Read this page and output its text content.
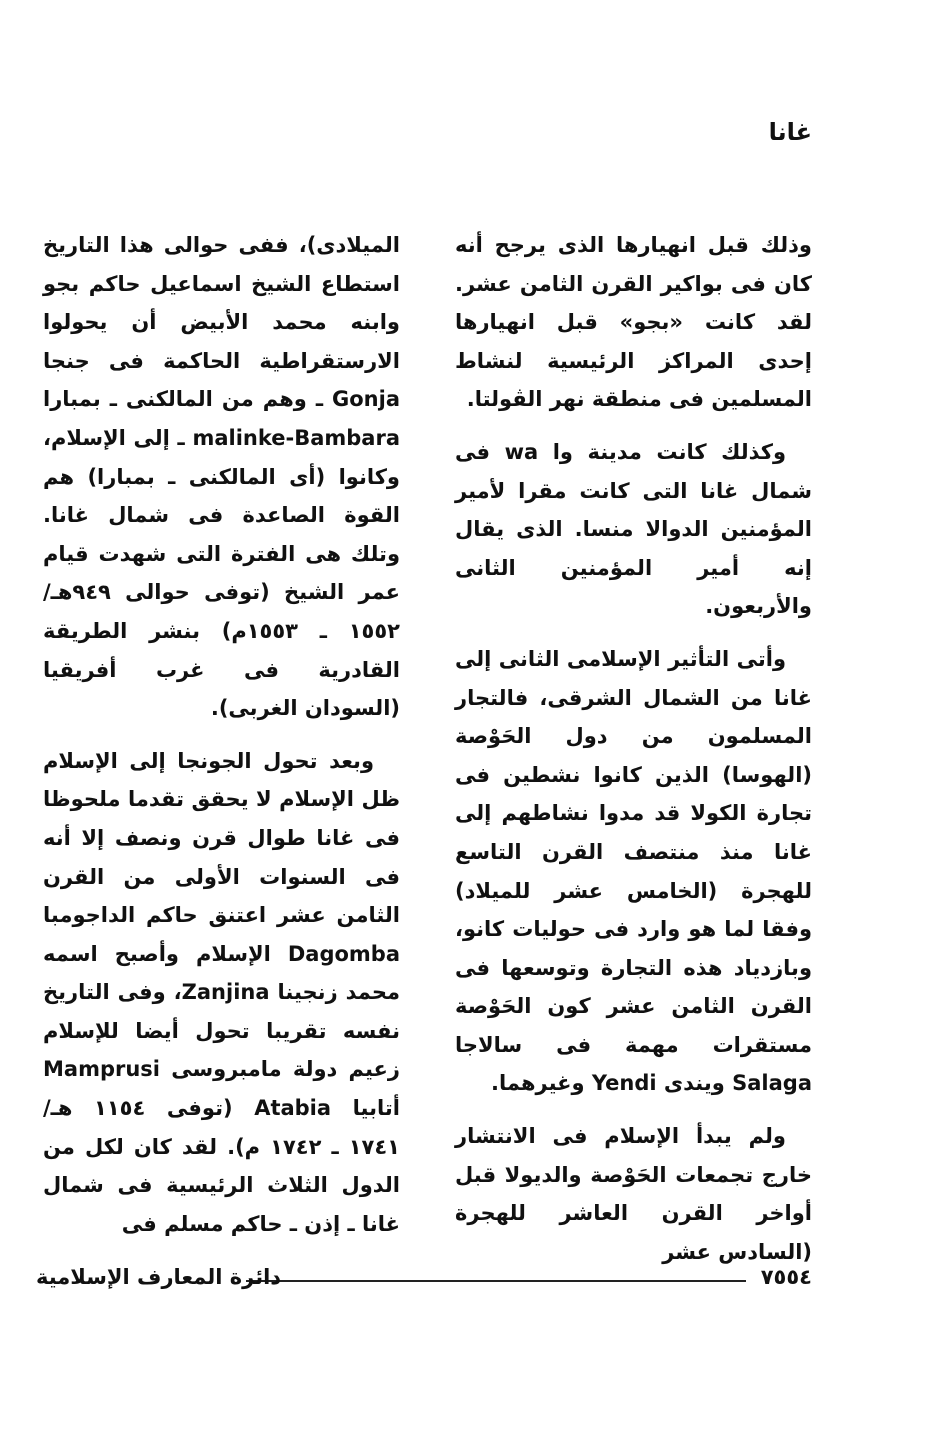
غانا

وذلك قبل انهيارها الذى يرجح أنه كان فى بواكير القرن الثامن عشر. لقد كانت «بجو» قبل انهيارها إحدى المراكز الرئيسية لنشاط المسلمين فى منطقة نهر الڤولتا.

وكذلك كانت مدينة وا wa فى شمال غانا التى كانت مقرا لأمير المؤمنين الدوالا منسا. الذى يقال إنه أمير المؤمنين الثانى والأربعون.

وأتى التأثير الإسلامى الثانى إلى غانا من الشمال الشرقى، فالتجار المسلمون من دول الحَوْصة (الهوسا) الذين كانوا نشطين فى تجارة الكولا قد مدوا نشاطهم إلى غانا منذ منتصف القرن التاسع للهجرة (الخامس عشر للميلاد) وفقا لما هو وارد فى حوليات كانو، وبازدياد هذه التجارة وتوسعها فى القرن الثامن عشر كون الحَوْصة مستقرات مهمة فى سالاجا Salaga ويندى Yendi وغيرهما.

ولم يبدأ الإسلام فى الانتشار خارج تجمعات الحَوْصة والديولا قبل أواخر القرن العاشر للهجرة (السادس عشر

الميلادى)، ففى حوالى هذا التاريخ استطاع الشيخ اسماعيل حاكم بجو وابنه محمد الأبيض أن يحولوا الارستقراطية الحاكمة فى جنجا Gonja ـ وهم من المالكنى ـ بمبارا malinke-Bambara ـ إلى الإسلام، وكانوا (أى المالكنى ـ بمبارا) هم القوة الصاعدة فى شمال غانا. وتلك هى الفترة التى شهدت قيام عمر الشيخ (توفى حوالى ٩٤٩هـ/ ١٥٥٢ ـ ١٥٥٣م) بنشر الطريقة القادرية فى غرب أفريقيا (السودان الغربى).

وبعد تحول الجونجا إلى الإسلام ظل الإسلام لا يحقق تقدما ملحوظا فى غانا طوال قرن ونصف إلا أنه فى السنوات الأولى من القرن الثامن عشر اعتنق حاكم الداجومبا Dagomba الإسلام وأصبح اسمه محمد زنجينا Zanjina، وفى التاريخ نفسه تقريبا تحول أيضا للإسلام زعيم دولة مامبروسى Mamprusi أتابيا Atabia (توفى ١١٥٤ هـ/ ١٧٤١ ـ ١٧٤٢ م). لقد كان لكل من الدول الثلاث الرئيسية فى شمال غانا ـ إذن ـ حاكم مسلم فى

٧٥٥٤
دائرة المعارف الإسلامية
